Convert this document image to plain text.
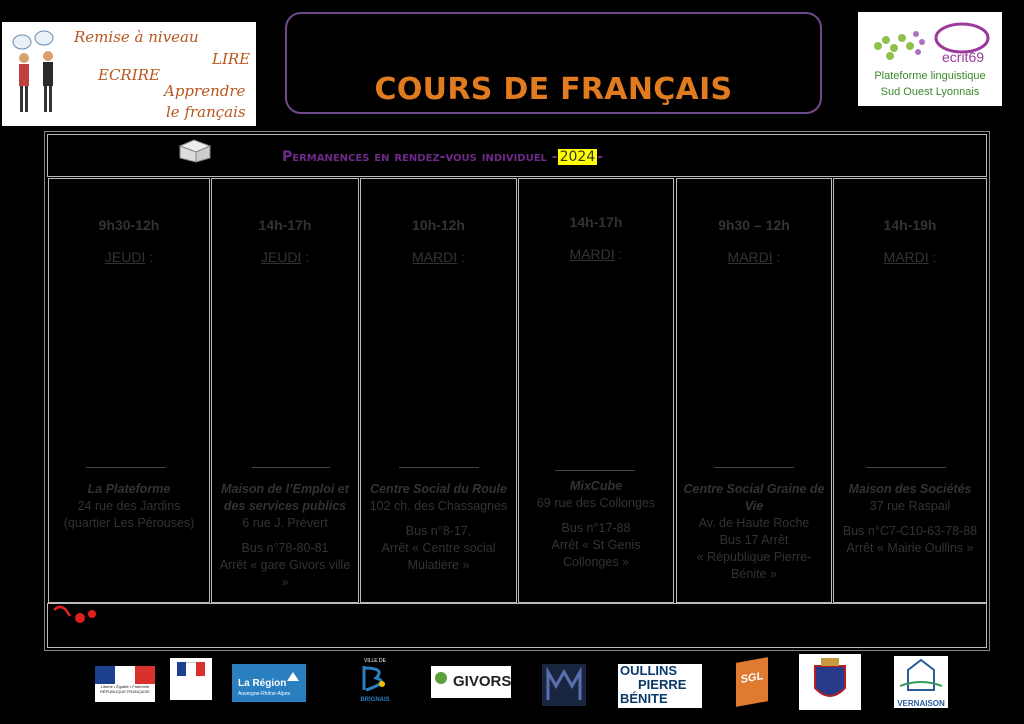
Remise à niveau
LIRE
ECRIRE
Apprendre
le français
COURS DE FRANÇAIS
ecrit69
Plateforme linguistique
Sud Ouest Lyonnais
Permanences en rendez-vous individuel - 2024 -
9h30-12h
JEUDI :
La Plateforme
24 rue des Jardins
(quartier Les Pérouses)
14h-17h
JEUDI :
Maison de l’Emploi et des services publics
6 rue J. Prévert

Bus n°78-80-81
Arrêt « gare Givors ville »
10h-12h
MARDI :
Centre Social du Roule
102 ch. des Chassagnes

Bus n°8-17,
Arrêt « Centre social Mulatière »
14h-17h
MARDI :
MixCube
69 rue des Collonges

Bus n°17-88
Arrêt « St Genis Collonges »
9h30 – 12h
MARDI :
Centre Social Graine de Vie
Av. de Haute Roche
Bus 17 Arrêt
« République Pierre-Bénite »
14h-19h
MARDI :
Maison des Sociétés
37 rue Raspail

Bus n°C7-C10-63-78-88
Arrêt « Mairie Oullins »
Liberté • Égalité • Fraternité RÉPUBLIQUE FRANÇAISE
La Région
Auvergne-Rhône-Alpes
VILLE DE
BRIGNAIS
GIVORS
OULLINS
PIERRE
BÉNITE
SGL
VERNAISON
